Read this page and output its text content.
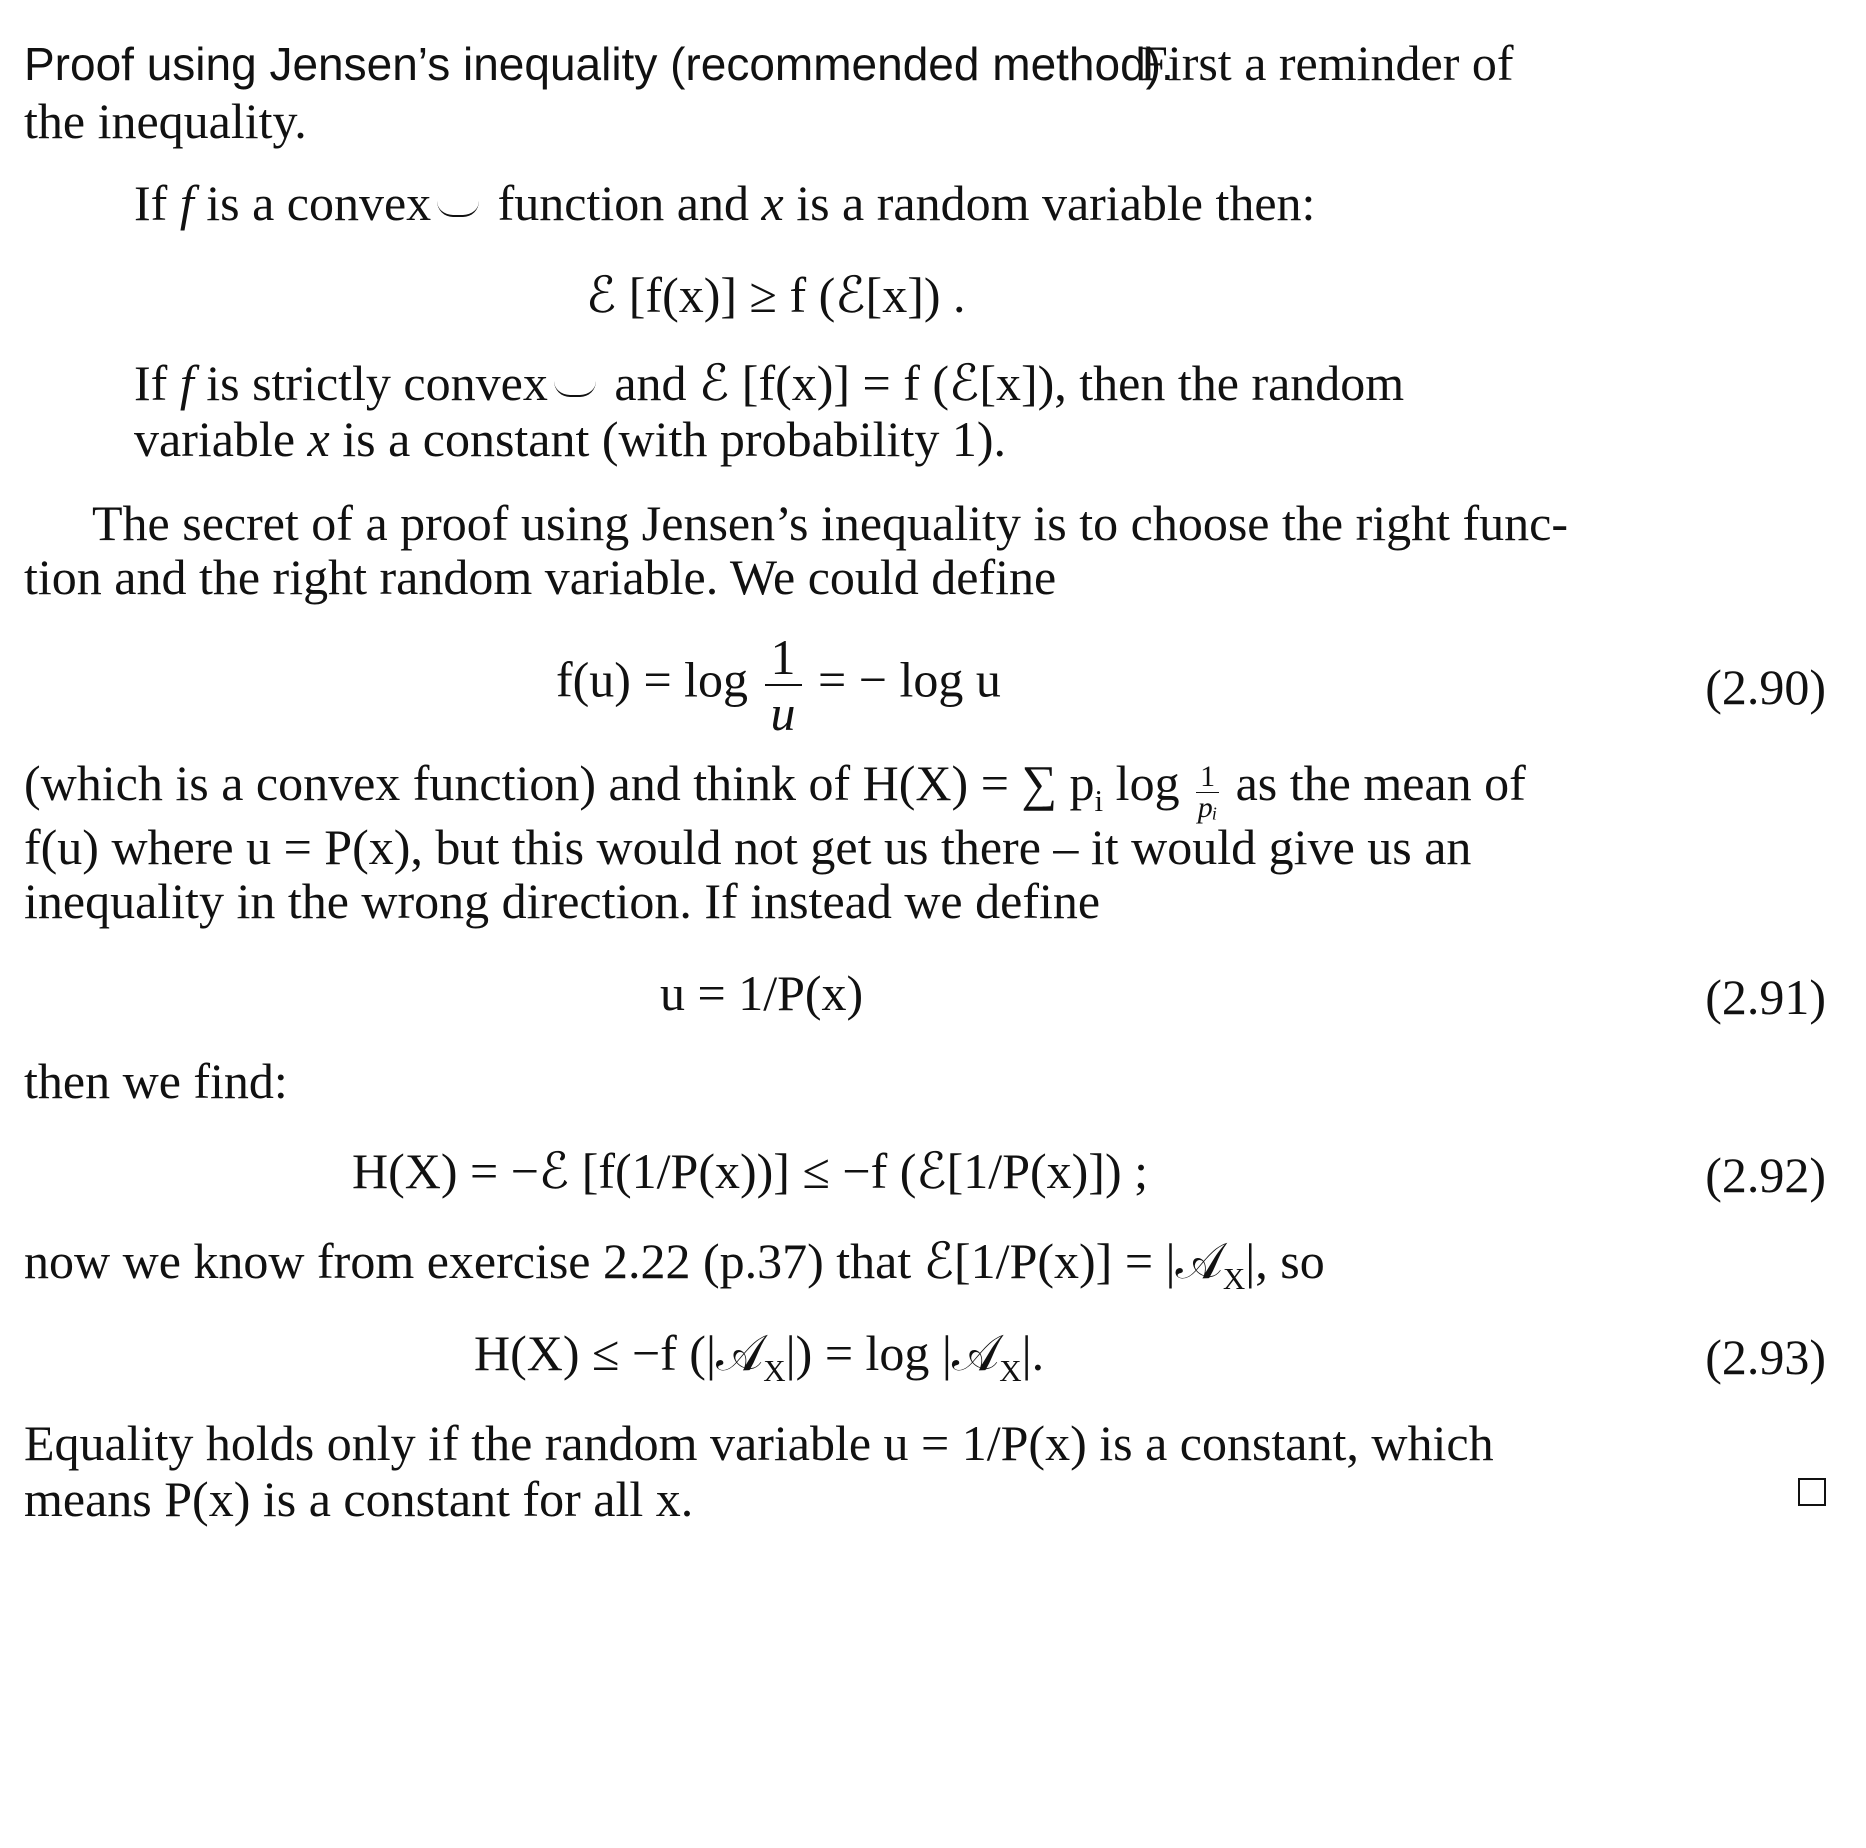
Proof using Jensen’s inequality (recommended method).
First a reminder of
the inequality.
If f is a convex function and x is a random variable then:
ℰ [f(x)] ≥ f (ℰ[x]) .
If f is strictly convex and ℰ [f(x)] = f (ℰ[x]), then the random
variable x is a constant (with probability 1).
The secret of a proof using Jensen’s inequality is to choose the right func-
tion and the right random variable. We could define
$f(u) = \log \frac{1}{u}$ = − log u	(2.90)
(which is a convex function) and think of H(X) = ∑ $p_i$ $\log \frac{1}{\text{pᵢ}}$ as the mean of
f(u) where u = P(x), but this would not get us there – it would give us an
inequality in the wrong direction. If instead we define
u = 1/P(x)	(2.91)
then we find:
H(X) = −ℰ [f(1/P(x))] ≤ −f (ℰ[1/P(x)]) ;	(2.92)
now we know from exercise 2.22 (p.37) that ℰ[1/P(x)] = |𝒜$_X$|, so
H(X) ≤ −f (|𝒜$_X$|) = log |𝒜$_X$|.	(2.93)
Equality holds only if the random variable u = 1/P(x) is a constant, which
means P(x) is a constant for all x.
